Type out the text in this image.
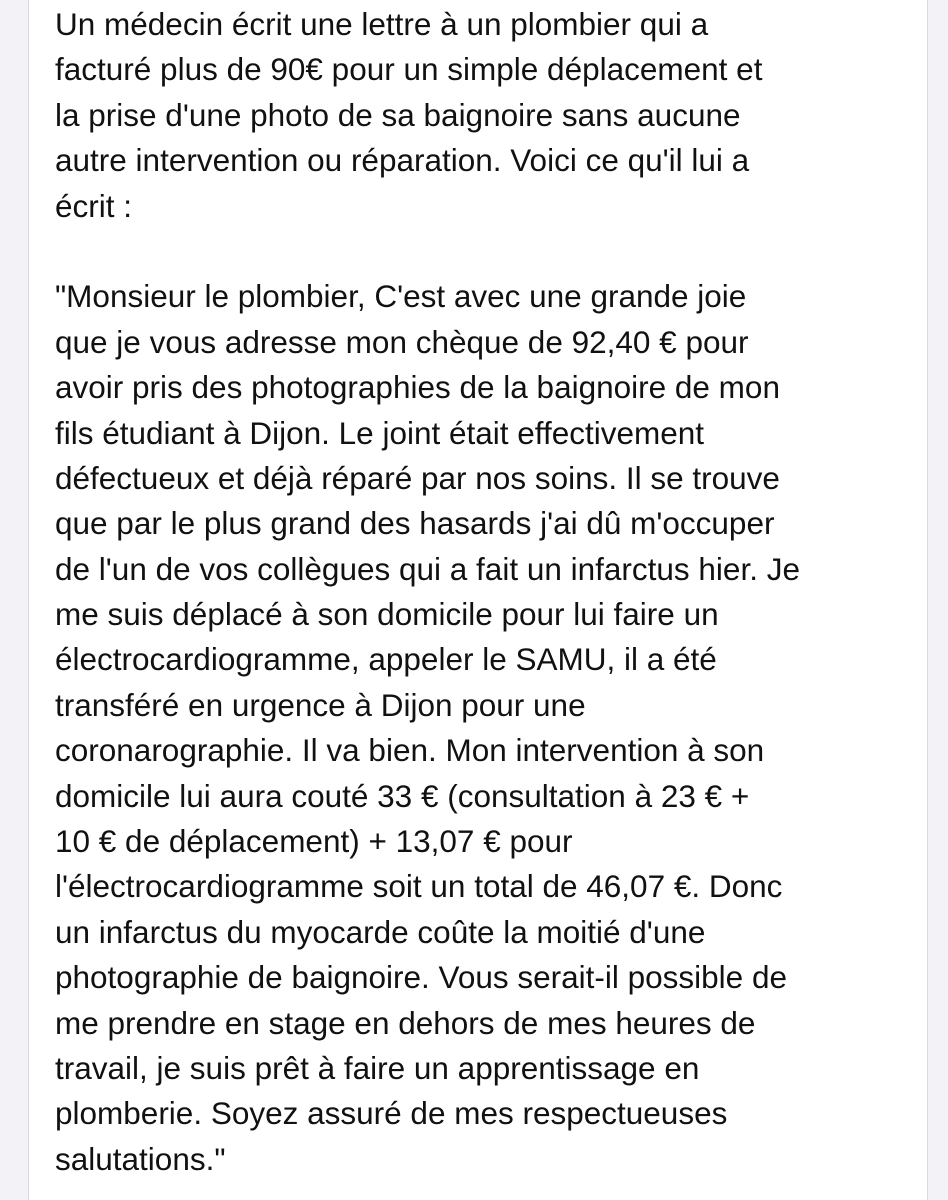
Un médecin écrit une lettre à un plombier qui a
facturé plus de 90€ pour un simple déplacement et
la prise d'une photo de sa baignoire sans aucune
autre intervention ou réparation. Voici ce qu'il lui a
écrit :
"Monsieur le plombier, C'est avec une grande joie
que je vous adresse mon chèque de 92,40 € pour
avoir pris des photographies de la baignoire de mon
fils étudiant à Dijon. Le joint était effectivement
défectueux et déjà réparé par nos soins. Il se trouve
que par le plus grand des hasards j'ai dû m'occuper
de l'un de vos collègues qui a fait un infarctus hier. Je
me suis déplacé à son domicile pour lui faire un
électrocardiogramme, appeler le SAMU, il a été
transféré en urgence à Dijon pour une
coronarographie. Il va bien. Mon intervention à son
domicile lui aura couté 33 € (consultation à 23 € +
10 € de déplacement) + 13,07 € pour
l'électrocardiogramme soit un total de 46,07 €. Donc
un infarctus du myocarde coûte la moitié d'une
photographie de baignoire. Vous serait-il possible de
me prendre en stage en dehors de mes heures de
travail, je suis prêt à faire un apprentissage en
plomberie. Soyez assuré de mes respectueuses
salutations."
